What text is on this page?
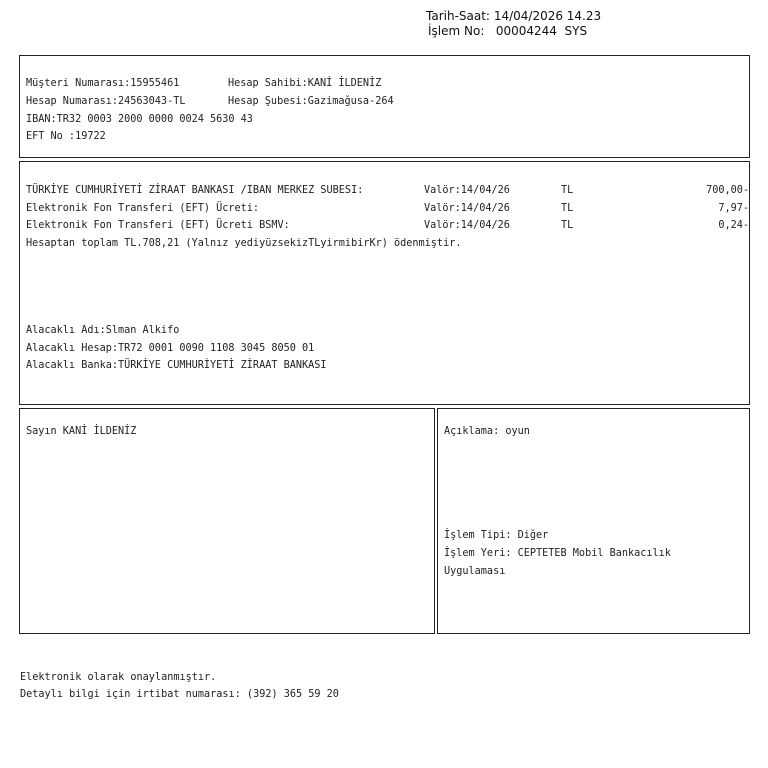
Tarih-Saat: 14/04/2026 14.23
İşlem No: 00004244 SYS
Müşteri Numarası:15955461	Hesap Sahibi:KANİ İLDENİZ
Hesap Numarası:24563043-TL	Hesap Şubesi:Gazimağusa-264
IBAN:TR32 0003 2000 0000 0024 5630 43
EFT No :19722
TÜRKİYE CUMHURİYETİ ZİRAAT BANKASI /IBAN MERKEZ SUBESI:	Valör:14/04/26	TL	700,00-
Elektronik Fon Transferi (EFT) Ücreti:	Valör:14/04/26	TL	7,97-
Elektronik Fon Transferi (EFT) Ücreti BSMV:	Valör:14/04/26	TL	0,24-
Hesaptan toplam TL.708,21 (Yalnız yediyüzsekizTLyirmibirKr) ödenmiştir.
Alacaklı Adı:Slman Alkifo
Alacaklı Hesap:TR72 0001 0090 1108 3045 8050 01
Alacaklı Banka:TÜRKİYE CUMHURİYETİ ZİRAAT BANKASI
Sayın KANİ İLDENİZ	Açıklama: oyun
İşlem Tipi: Diğer
İşlem Yeri: CEPTETEB Mobil Bankacılık
Uygulaması
Elektronik olarak onaylanmıştır.
Detaylı bilgi için irtibat numarası: (392) 365 59 20
